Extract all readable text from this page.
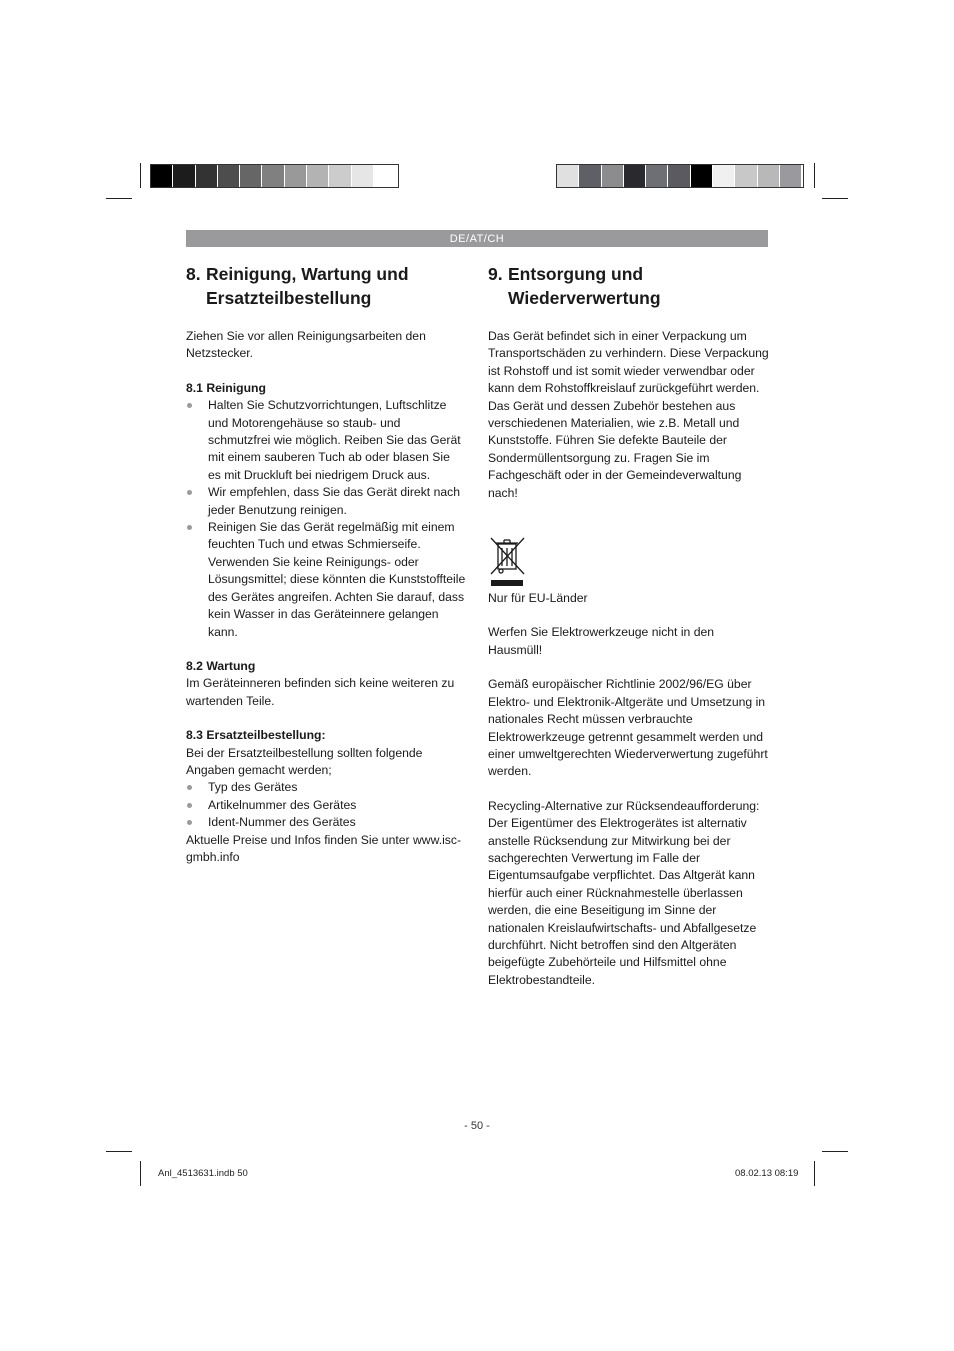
DE/AT/CH
8. Reinigung, Wartung und Ersatzteilbestellung

Ziehen Sie vor allen Reinigungsarbeiten den Netzstecker.

8.1 Reinigung
Halten Sie Schutzvorrichtungen, Luftschlitze und Motorengehäuse so staub- und schmutzfrei wie möglich. Reiben Sie das Gerät mit einem sauberen Tuch ab oder blasen Sie es mit Druckluft bei niedrigem Druck aus.
Wir empfehlen, dass Sie das Gerät direkt nach jeder Benutzung reinigen.
Reinigen Sie das Gerät regelmäßig mit einem feuchten Tuch und etwas Schmierseife. Verwenden Sie keine Reinigungs- oder Lösungsmittel; diese könnten die Kunststoffteile des Gerätes angreifen. Achten Sie darauf, dass kein Wasser in das Geräteinnere gelangen kann.
8.2 Wartung

Im Geräteinneren befinden sich keine weiteren zu wartenden Teile.

8.3 Ersatzteilbestellung:

Bei der Ersatzteilbestellung sollten folgende Angaben gemacht werden;

Typ des Gerätes
Artikelnummer des Gerätes
Ident-Nummer des Gerätes

Aktuelle Preise und Infos finden Sie unter www.isc-gmbh.info

9. Entsorgung und Wiederverwertung

Das Gerät befindet sich in einer Verpackung um Transportschäden zu verhindern. Diese Verpackung ist Rohstoff und ist somit wieder verwendbar oder kann dem Rohstoffkreislauf zurückgeführt werden. Das Gerät und dessen Zubehör bestehen aus verschiedenen Materialien, wie z.B. Metall und Kunststoffe. Führen Sie defekte Bauteile der Sondermüllentsorgung zu. Fragen Sie im Fachgeschäft oder in der Gemeindeverwaltung nach!

Nur für EU-Länder

Werfen Sie Elektrowerkzeuge nicht in den Hausmüll!

Gemäß europäischer Richtlinie 2002/96/EG über Elektro- und Elektronik-Altgeräte und Umsetzung in nationales Recht müssen verbrauchte Elektrowerkzeuge getrennt gesammelt werden und einer umweltgerechten Wiederverwertung zugeführt werden.

Recycling-Alternative zur Rücksendeaufforderung: Der Eigentümer des Elektrogerätes ist alternativ anstelle Rücksendung zur Mitwirkung bei der sachgerechten Verwertung im Falle der Eigentumsaufgabe verpflichtet. Das Altgerät kann hierfür auch einer Rücknahmestelle überlassen werden, die eine Beseitigung im Sinne der nationalen Kreislaufwirtschafts- und Abfallgesetze durchführt. Nicht betroffen sind den Altgeräten beigefügte Zubehörteile und Hilfsmittel ohne Elektrobestandteile.

- 50 -
Anl_4513631.indb 50	08.02.13 08:19
